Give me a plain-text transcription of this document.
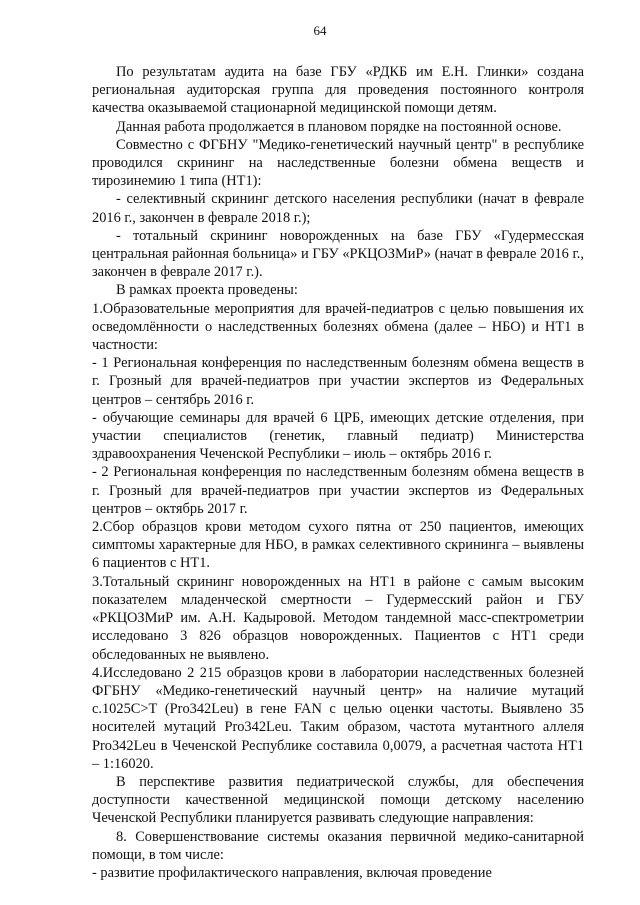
64

По результатам аудита на базе ГБУ «РДКБ им Е.Н. Глинки» создана региональная аудиторская группа для проведения постоянного контроля качества оказываемой стационарной медицинской помощи детям.

Данная работа продолжается в плановом порядке на постоянной основе.

Совместно с ФГБНУ "Медико-генетический научный центр" в республике проводился скрининг на наследственные болезни обмена веществ и тирозинемию 1 типа (НТ1):

- селективный скрининг детского населения республики (начат в феврале 2016 г., закончен в феврале 2018 г.);

- тотальный скрининг новорожденных на базе ГБУ «Гудермесская центральная районная больница» и ГБУ «РКЦОЗМиР» (начат в феврале 2016 г., закончен в феврале 2017 г.).

В рамках проекта проведены:

1.Образовательные мероприятия для врачей-педиатров с целью повышения их осведомлённости о наследственных болезнях обмена (далее – НБО) и НТ1 в частности:

- 1 Региональная конференция по наследственным болезням обмена веществ в г. Грозный для врачей-педиатров при участии экспертов из Федеральных центров – сентябрь 2016 г.

- обучающие семинары для врачей 6 ЦРБ, имеющих детские отделения, при участии специалистов (генетик, главный педиатр) Министерства здравоохранения Чеченской Республики – июль – октябрь 2016 г.

- 2 Региональная конференция по наследственным болезням обмена веществ в г. Грозный для врачей-педиатров при участии экспертов из Федеральных центров – октябрь 2017 г.

2.Сбор образцов крови методом сухого пятна от 250 пациентов, имеющих симптомы характерные для НБО, в рамках селективного скрининга – выявлены 6 пациентов с НТ1.

3.Тотальный скрининг новорожденных на НТ1 в районе с самым высоким показателем младенческой смертности – Гудермесский район и ГБУ «РКЦОЗМиР им. А.Н. Кадыровой. Методом тандемной масс-спектрометрии исследовано 3 826 образцов новорожденных. Пациентов с НТ1 среди обследованных не выявлено.

4.Исследовано 2 215 образцов крови в лаборатории наследственных болезней ФГБНУ «Медико-генетический научный центр» на наличие мутаций с.1025С>Т (Pro342Leu) в гене FAN с целью оценки частоты. Выявлено 35 носителей мутаций Pro342Leu. Таким образом, частота мутантного аллеля Pro342Leu в Чеченской Республике составила 0,0079, а расчетная частота НТ1 – 1:16020.

В перспективе развития педиатрической службы, для обеспечения доступности качественной медицинской помощи детскому населению Чеченской Республики планируется развивать следующие направления:

8. Совершенствование системы оказания первичной медико-санитарной помощи, в том числе:

- развитие профилактического направления, включая проведение
